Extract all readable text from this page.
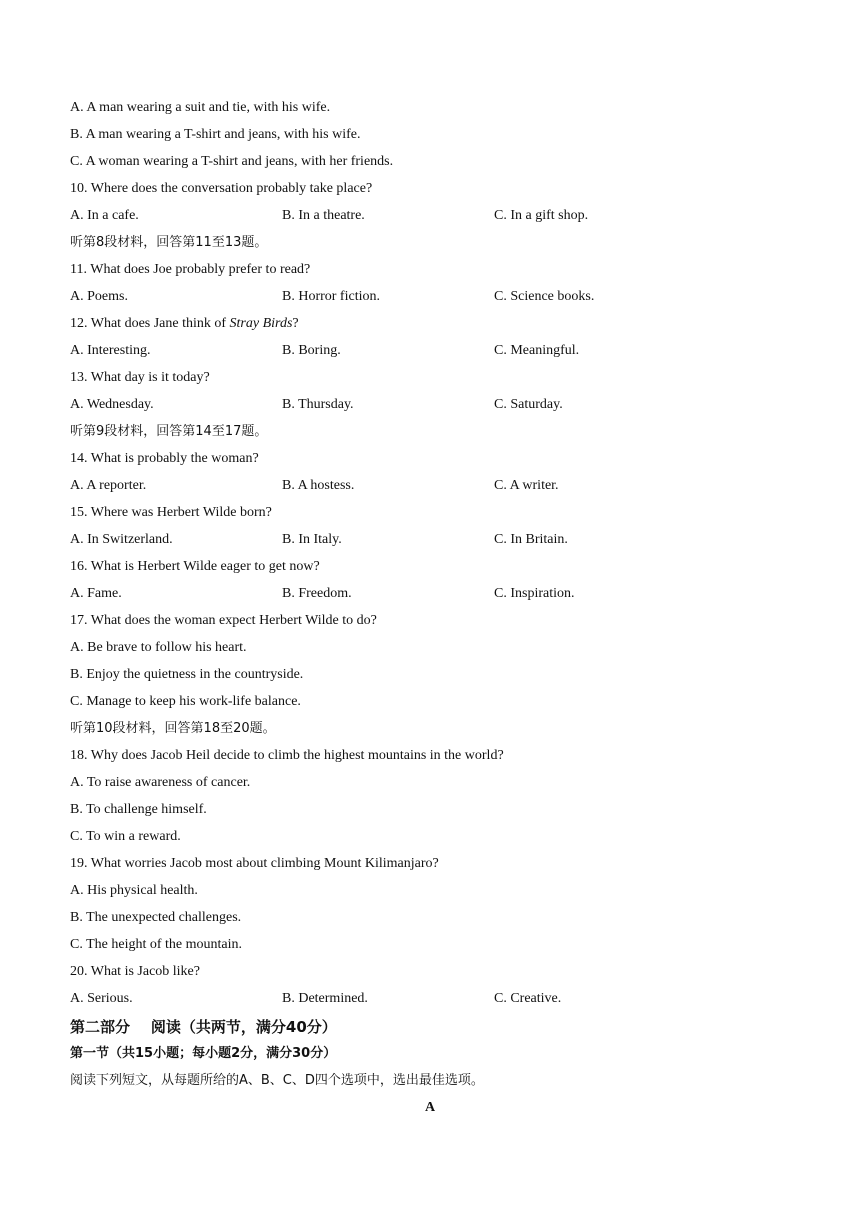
A. A man wearing a suit and tie, with his wife.
B. A man wearing a T-shirt and jeans, with his wife.
C. A woman wearing a T-shirt and jeans, with her friends.
10. Where does the conversation probably take place?
A. In a cafe.	B. In a theatre.	C. In a gift shop.
听第8段材料，回答第11至13题。
11. What does Joe probably prefer to read?
A. Poems.	B. Horror fiction.	C. Science books.
12. What does Jane think of Stray Birds?
A. Interesting.	B. Boring.	C. Meaningful.
13. What day is it today?
A. Wednesday.	B. Thursday.	C. Saturday.
听第9段材料，回答第14至17题。
14. What is probably the woman?
A. A reporter.	B. A hostess.	C. A writer.
15. Where was Herbert Wilde born?
A. In Switzerland.	B. In Italy.	C. In Britain.
16. What is Herbert Wilde eager to get now?
A. Fame.	B. Freedom.	C. Inspiration.
17. What does the woman expect Herbert Wilde to do?
A. Be brave to follow his heart.
B. Enjoy the quietness in the countryside.
C. Manage to keep his work-life balance.
听第10段材料，回答第18至20题。
18. Why does Jacob Heil decide to climb the highest mountains in the world?
A. To raise awareness of cancer.
B. To challenge himself.
C. To win a reward.
19. What worries Jacob most about climbing Mount Kilimanjaro?
A. His physical health.
B. The unexpected challenges.
C. The height of the mountain.
20. What is Jacob like?
A. Serious.	B. Determined.	C. Creative.
第二部分    阅读（共两节，满分40分）
第一节（共15小题；每小题2分，满分30分）
阅读下列短文，从每题所给的A、B、C、D四个选项中，选出最佳选项。
A
